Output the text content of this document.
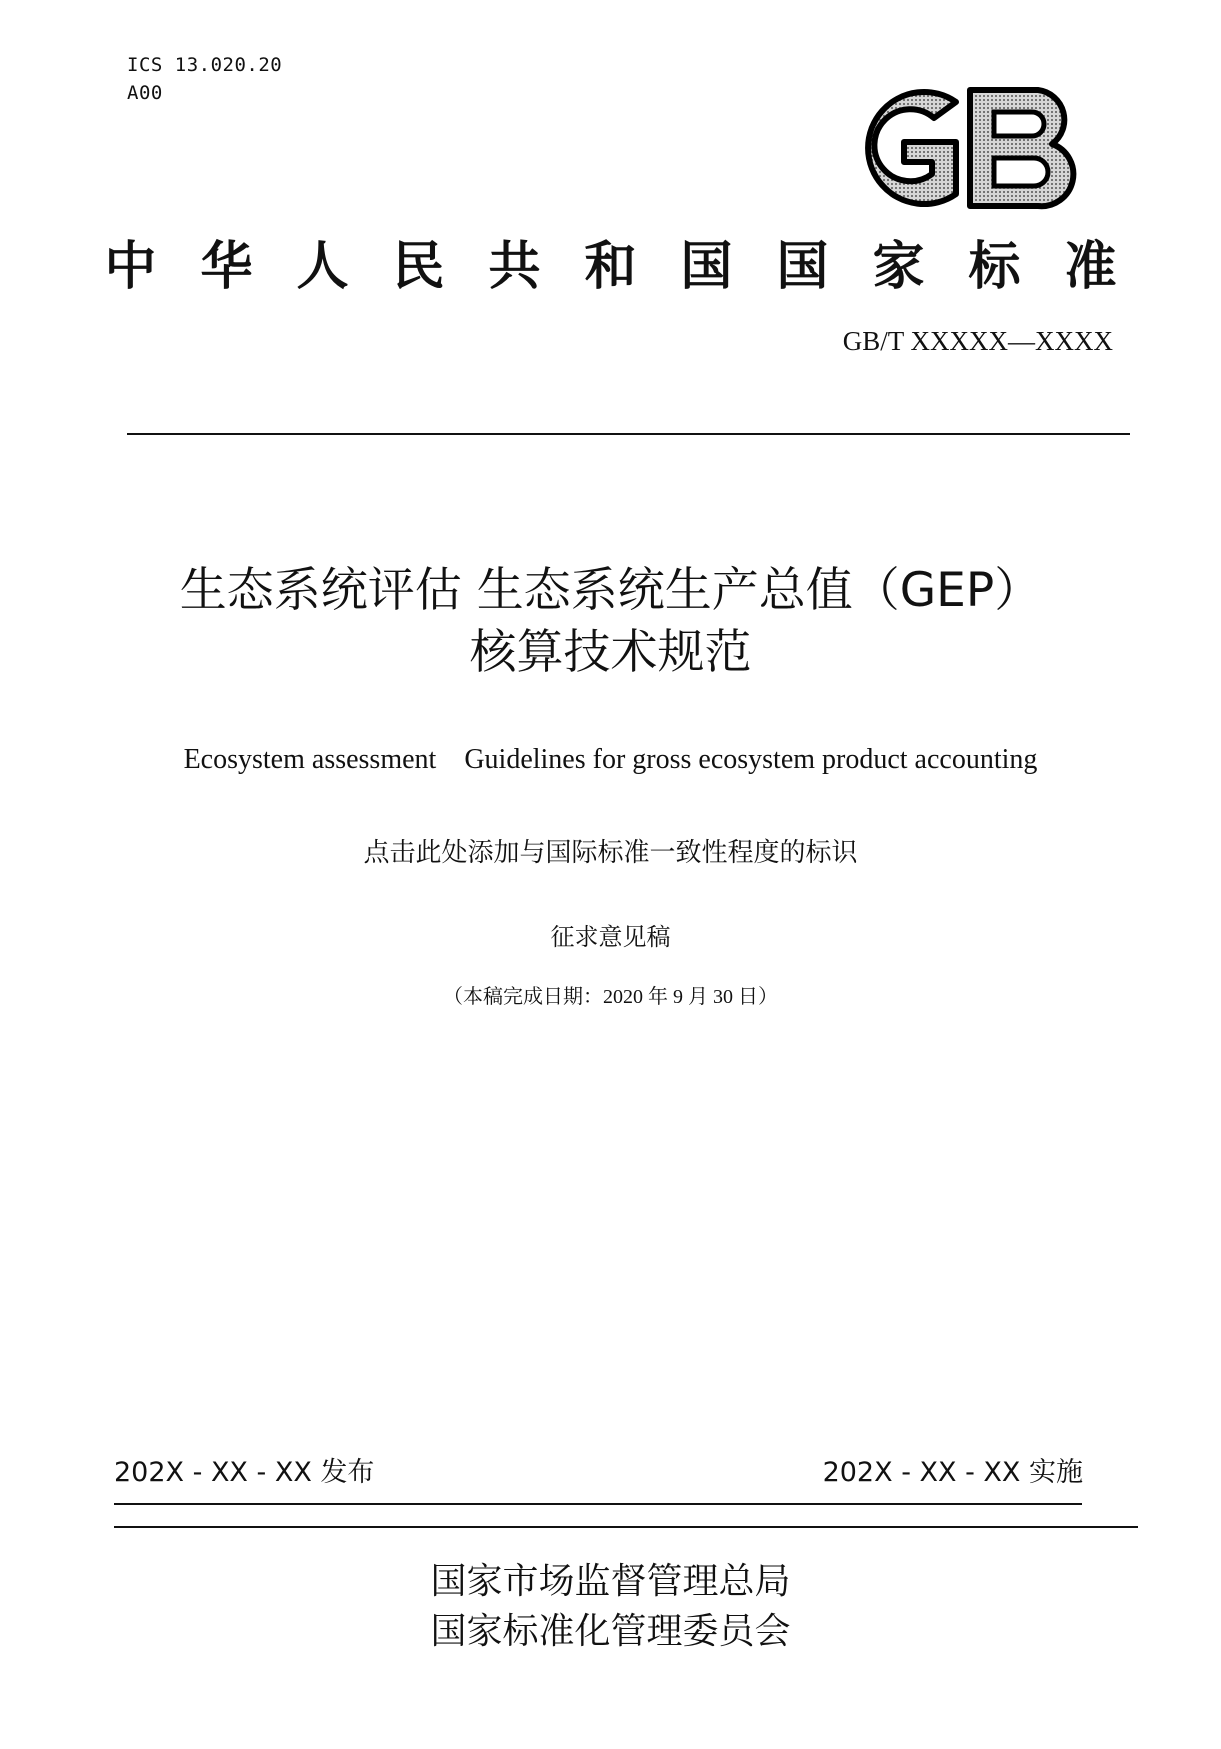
ICS 13.020.20
A00
中华人民共和国国家标准
GB/T XXXXX—XXXX
生态系统评估 生态系统生产总值（GEP）
核算技术规范
Ecosystem assessment    Guidelines for gross ecosystem product accounting
点击此处添加与国际标准一致性程度的标识
征求意见稿
（本稿完成日期：2020 年 9 月 30 日）
202X - XX - XX 发布	202X - XX - XX 实施
国家市场监督管理总局
国家标准化管理委员会
